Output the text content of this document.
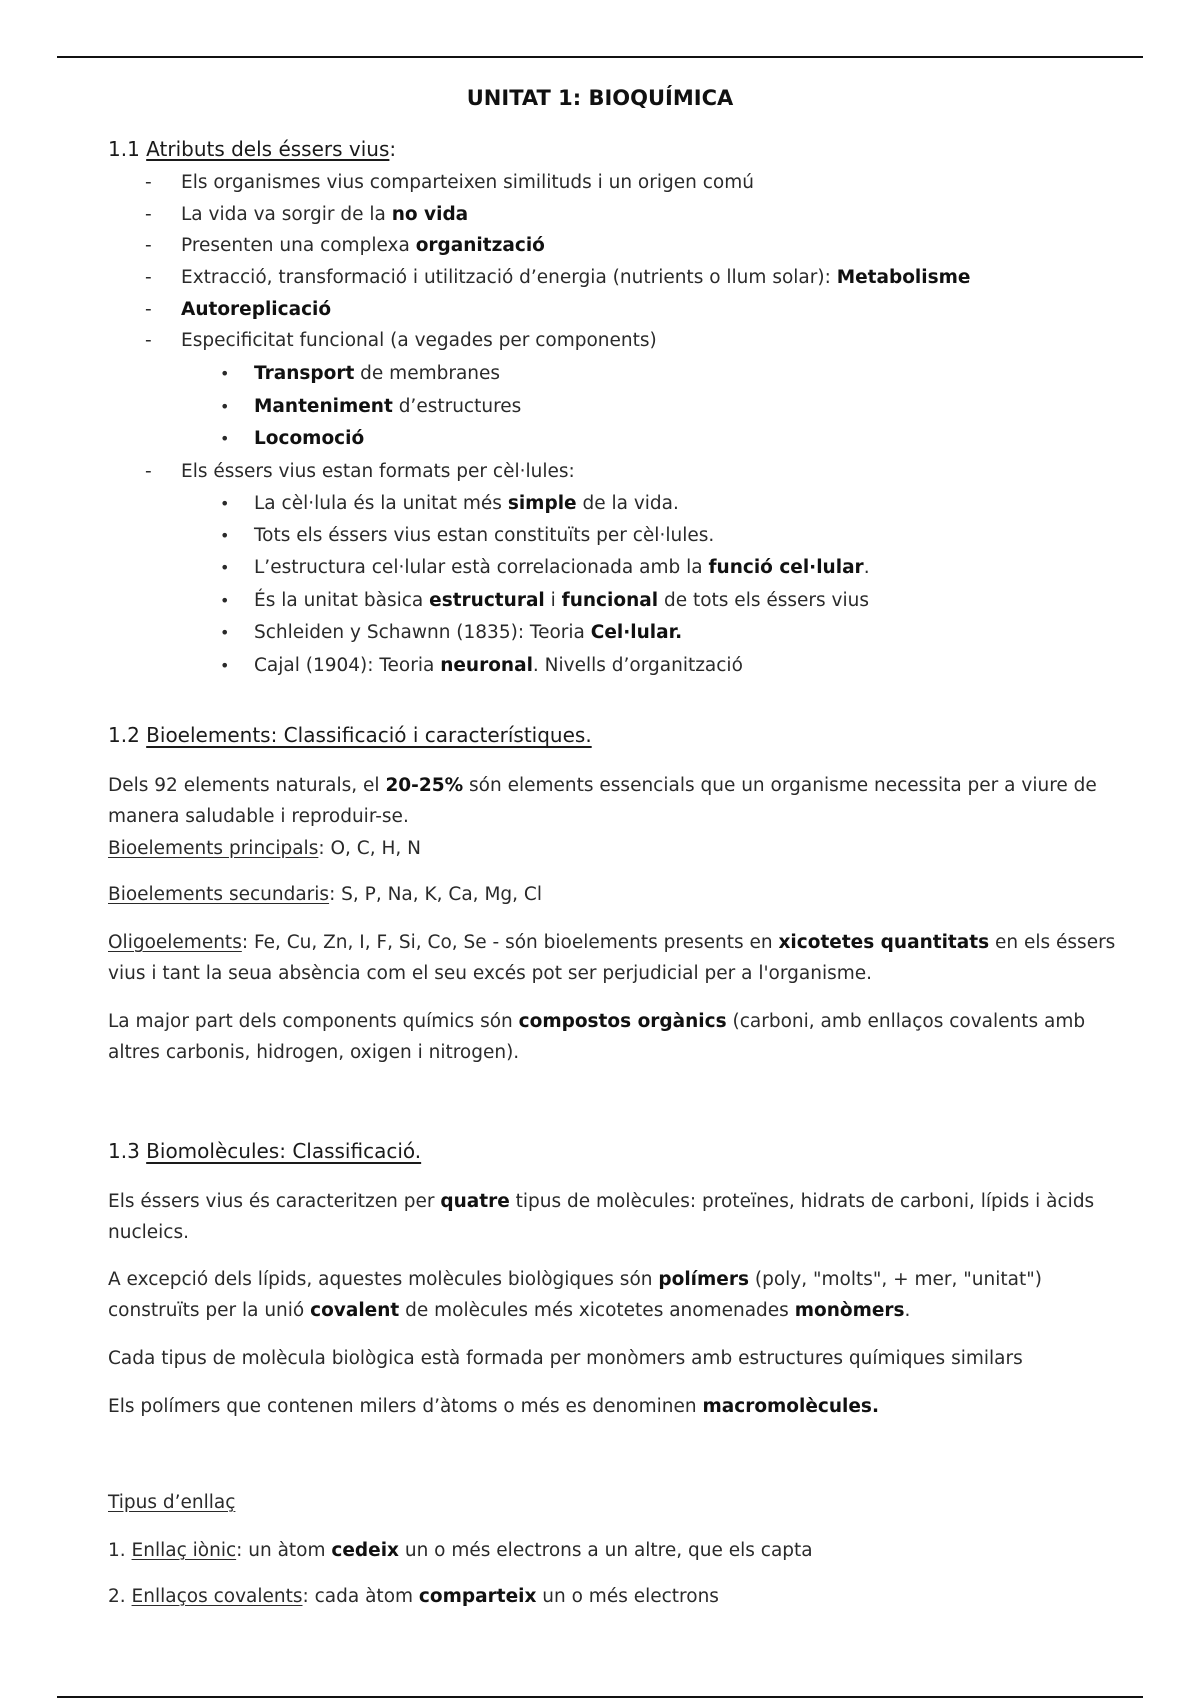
UNITAT 1: BIOQUÍMICA
1.1 Atributs dels éssers vius:
- Els organismes vius comparteixen similituds i un origen comú
- La vida va sorgir de la no vida
- Presenten una complexa organització
- Extracció, transformació i utilització d’energia (nutrients o llum solar): Metabolisme
- Autoreplicació
- Especificitat funcional (a vegades per components)
• Transport de membranes
• Manteniment d’estructures
• Locomoció
- Els éssers vius estan formats per cèl·lules:
• La cèl·lula és la unitat més simple de la vida.
• Tots els éssers vius estan constituïts per cèl·lules.
• L’estructura cel·lular està correlacionada amb la funció cel·lular.
• És la unitat bàsica estructural i funcional de tots els éssers vius
• Schleiden y Schawnn (1835): Teoria Cel·lular.
• Cajal (1904): Teoria neuronal. Nivells d’organització
1.2 Bioelements: Classificació i característiques.
Dels 92 elements naturals, el 20-25% són elements essencials que un organisme necessita per a viure de manera saludable i reproduir-se.
Bioelements principals: O, C, H, N
Bioelements secundaris: S, P, Na, K, Ca, Mg, Cl
Oligoelements: Fe, Cu, Zn, I, F, Si, Co, Se - són bioelements presents en xicotetes quantitats en els éssers vius i tant la seua absència com el seu excés pot ser perjudicial per a l'organisme.
La major part dels components químics són compostos orgànics (carboni, amb enllaços covalents amb altres carbonis, hidrogen, oxigen i nitrogen).
1.3 Biomolècules: Classificació.
Els éssers vius és caracteritzen per quatre tipus de molècules: proteïnes, hidrats de carboni, lípids i àcids nucleics.
A excepció dels lípids, aquestes molècules biològiques són polímers (poly, "molts", + mer, "unitat") construïts per la unió covalent de molècules més xicotetes anomenades monòmers.
Cada tipus de molècula biològica està formada per monòmers amb estructures químiques similars
Els polímers que contenen milers d’àtoms o més es denominen macromolècules.
Tipus d’enllaç
1. Enllaç iònic: un àtom cedeix un o més electrons a un altre, que els capta
2. Enllaços covalents: cada àtom comparteix un o més electrons
